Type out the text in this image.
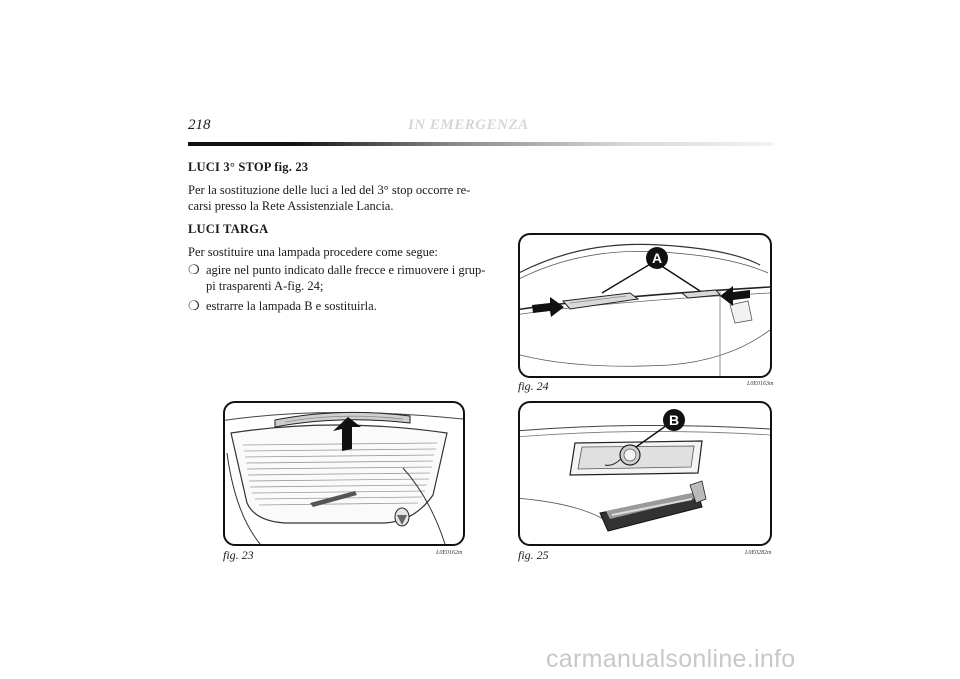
218	IN EMERGENZA
LUCI 3° STOP fig. 23
Per la sostituzione delle luci a led del 3° stop occorre re-
carsi presso la Rete Assistenziale Lancia.
LUCI TARGA
Per sostituire una lampada procedere come segue:
❍ agire nel punto indicato dalle frecce e rimuovere i grup-
pi trasparenti A-fig. 24;
❍ estrarre la lampada B e sostituirla.
A
fig. 24	L0E0163m
fig. 23	L0E0162m
B
fig. 25	L0E0282m
carmanualsonline.info
